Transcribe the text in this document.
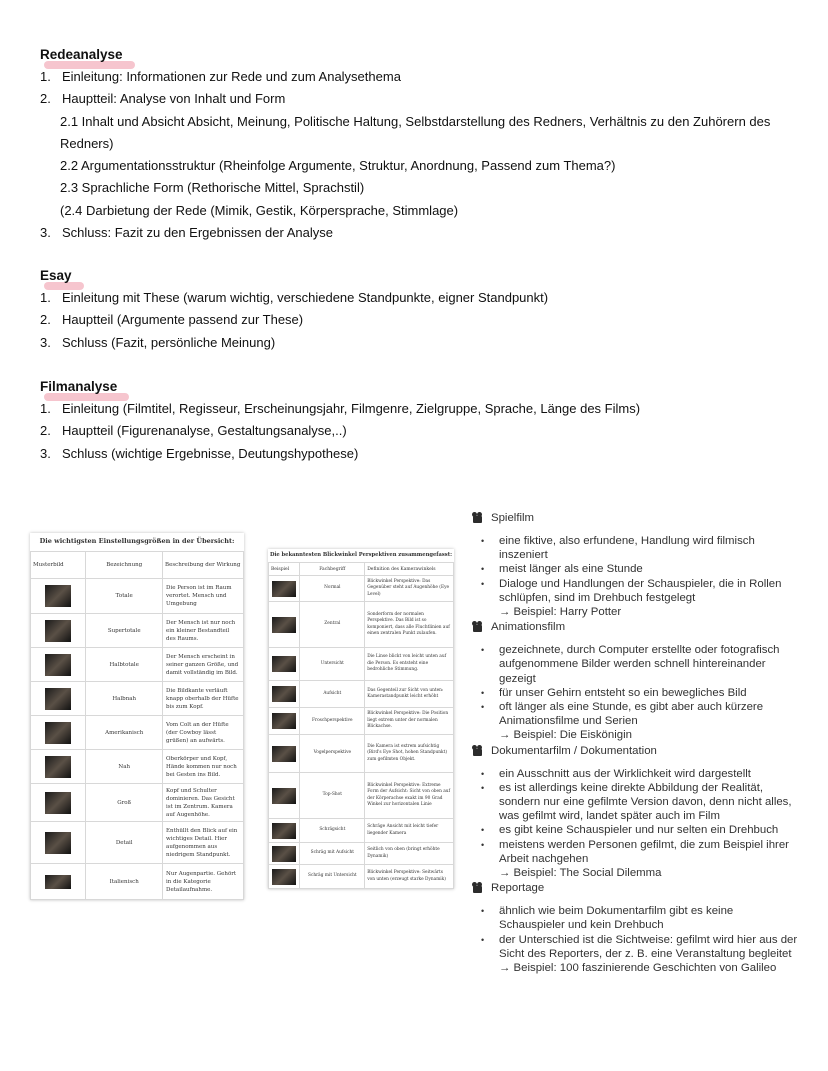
Redeanalyse
1. Einleitung: Informationen zur Rede und zum Analysethema
2. Hauptteil: Analyse von Inhalt und Form
2.1 Inhalt und Absicht Absicht, Meinung, Politische Haltung, Selbstdarstellung des Redners, Verhältnis zu den Zuhörern des Redners)
2.2 Argumentationsstruktur (Rheinfolge Argumente, Struktur, Anordnung, Passend zum Thema?)
2.3 Sprachliche Form (Rethorische Mittel, Sprachstil)
(2.4 Darbietung der Rede (Mimik, Gestik, Körpersprache, Stimmlage)
3. Schluss: Fazit zu den Ergebnissen der Analyse
Esay
1. Einleitung mit These (warum wichtig, verschiedene Standpunkte, eigner Standpunkt)
2. Hauptteil (Argumente passend zur These)
3. Schluss (Fazit, persönliche Meinung)
Filmanalyse
1. Einleitung (Filmtitel, Regisseur, Erscheinungsjahr, Filmgenre, Zielgruppe, Sprache, Länge des Films)
2. Hauptteil (Figurenanalyse, Gestaltungsanalyse,..)
3. Schluss (wichtige Ergebnisse, Deutungshypothese)
Die wichtigsten Einstellungsgrößen in der Übersicht:
Musterbild	Bezeichnung	Beschreibung der Wirkung

	Totale	Die Person ist im Raum verortet. Mensch und Umgebung

	Supertotale	Der Mensch ist nur noch ein kleiner Bestandteil des Raums.

	Halbtotale	Der Mensch erscheint in seiner ganzen Größe, und damit vollständig im Bild.

	Halbnah	Die Bildkante verläuft knapp oberhalb der Hüfte bis zum Kopf.

	Amerikanisch	Vom Colt an der Hüfte (der Cowboy lässt grüßen) an aufwärts.

	Nah	Oberkörper und Kopf, Hände kommen nur noch bei Gesten ins Bild.

	Groß	Kopf und Schulter dominieren. Das Gesicht ist im Zentrum. Kamera auf Augenhöhe.

	Detail	Enthüllt den Blick auf ein wichtiges Detail. Hier aufgenommen aus niedrigem Standpunkt.

	Italienisch	Nur Augenpartie. Gehört in die Kategorie Detailaufnahme.
Die bekanntesten Blickwinkel Perspektiven zusammengefasst:
Beispiel	Fachbegriff	Definition des Kamerawinkels

	Normal	Blickwinkel Perspektive: Das Gegenüber steht auf Augenhöhe (Eye Level)

	Zentral	Sonderform der normalen Perspektive. Das Bild ist so komponiert, dass alle Fluchtlinien auf einen zentralen Punkt zulaufen.

	Untersicht	Die Linse blickt von leicht unten auf die Person. Es entsteht eine bedrohliche Stimmung.

	Aufsicht	Das Gegenteil zur Sicht von unten: Kamerastandpunkt leicht erhöht

	Froschperspektive	Blickwinkel Perspektive: Die Position liegt extrem unter der normalen Blickachse.

	Vogelperspektive	Die Kamera ist extrem aufsichtig (Bird's Eye Shot, hohen Standpunkt) zum gefilmten Objekt.

	Top-Shot	Blickwinkel Perspektive: Extreme Form der Aufsicht: Sicht von oben auf der Körperachse exakt im 90 Grad Winkel zur horizontalen Linie

	Schrägsicht	Schräge Ansicht mit leicht tiefer liegender Kamera

	Schräg mit Aufsicht	Seitlich von oben (bringt erhöhte Dynamik)

	Schräg mit Untersicht	Blickwinkel Perspektive: Seitwärts von unten (erzeugt starke Dynamik)
Spielfilm
• eine fiktive, also erfundene, Handlung wird filmisch inszeniert
• meist länger als eine Stunde
• Dialoge und Handlungen der Schauspieler, die in Rollen schlüpfen, sind im Drehbuch festgelegt
→ Beispiel: Harry Potter
Animationsfilm
• gezeichnete, durch Computer erstellte oder fotografisch aufgenommene Bilder werden schnell hintereinander gezeigt
• für unser Gehirn entsteht so ein bewegliches Bild
• oft länger als eine Stunde, es gibt aber auch kürzere Animationsfilme und Serien
→ Beispiel: Die Eiskönigin
Dokumentarfilm / Dokumentation
• ein Ausschnitt aus der Wirklichkeit wird dargestellt
• es ist allerdings keine direkte Abbildung der Realität, sondern nur eine gefilmte Version davon, denn nicht alles, was gefilmt wird, landet später auch im Film
• es gibt keine Schauspieler und nur selten ein Drehbuch
• meistens werden Personen gefilmt, die zum Beispiel ihrer Arbeit nachgehen
→ Beispiel: The Social Dilemma
Reportage
• ähnlich wie beim Dokumentarfilm gibt es keine Schauspieler und kein Drehbuch
• der Unterschied ist die Sichtweise: gefilmt wird hier aus der Sicht des Reporters, der z. B. eine Veranstaltung begleitet
→ Beispiel: 100 faszinierende Geschichten von Galileo
